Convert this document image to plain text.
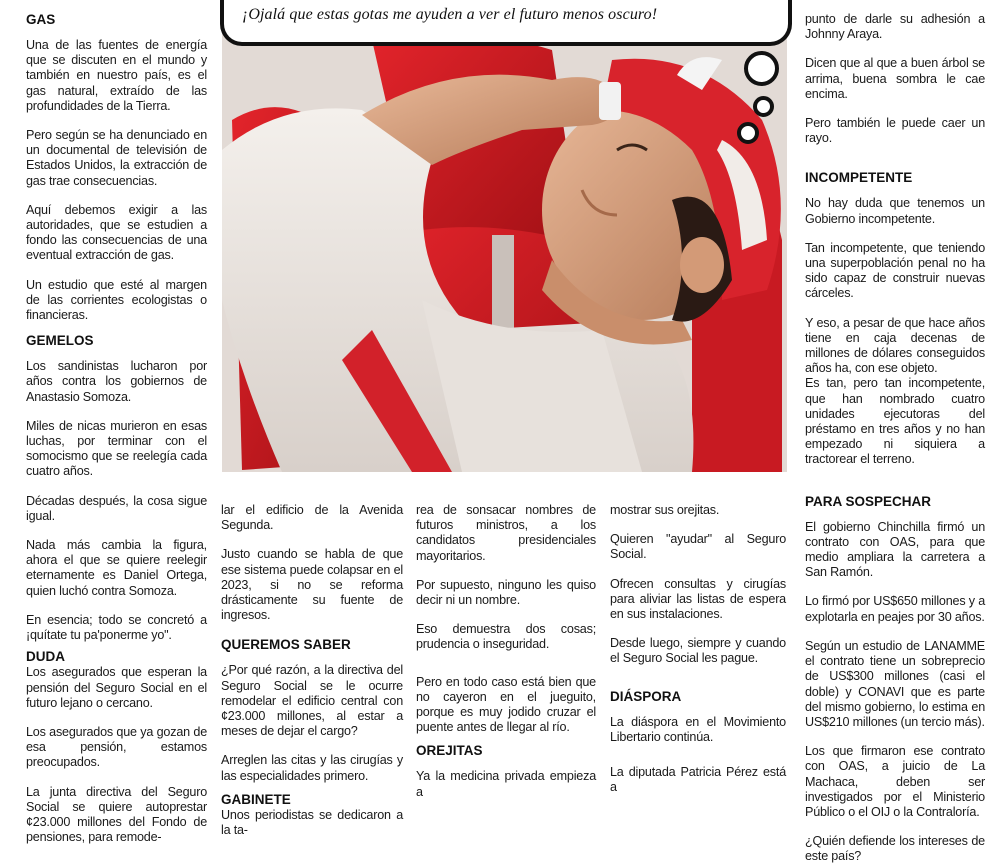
¡Ojalá que estas gotas me ayuden a ver el futuro menos oscuro!
GAS

Una de las fuentes de energía que se discuten en el mundo y también en nuestro país, es el gas natural, extraído de las profundidades de la Tierra.

Pero según se ha denunciado en un documental de televisión de Estados Unidos, la extracción de gas trae consecuencias.

Aquí debemos exigir a las autoridades, que se estudien a fondo las consecuencias de una eventual extracción de gas.

Un estudio que esté al margen de las corrientes ecologistas o financieras.

GEMELOS

Los sandinistas lucharon por años contra los gobiernos de Anastasio Somoza.

Miles de nicas murieron en esas luchas, por terminar con el somocismo que se reelegía cada cuatro años.

Décadas después, la cosa sigue igual.

Nada más cambia la figura, ahora el que se quiere reelegir eternamente es Daniel Ortega, quien luchó contra Somoza.

En esencia; todo se concretó a ¡quítate tu pa'ponerme yo".

DUDA

Los asegurados que esperan la pensión del Seguro Social en el futuro lejano o cercano.

Los asegurados que ya gozan de esa pensión, estamos preocupados.

La junta directiva del Seguro Social se quiere autoprestar ¢23.000 millones del Fondo de pensiones, para remode-

lar el edificio de la Avenida Segunda.

Justo cuando se habla de que ese sistema puede colapsar en el 2023, si no se reforma drásticamente su fuente de ingresos.

QUEREMOS SABER

¿Por qué razón, a la directiva del Seguro Social se le ocurre remodelar el edificio central con ¢23.000 millones, al estar a meses de dejar el cargo?

Arreglen las citas y las cirugías y las especialidades primero.

GABINETE

Unos periodistas se dedicaron a la ta-

rea de sonsacar nombres de futuros ministros, a los candidatos presidenciales mayoritarios.

Por supuesto, ninguno les quiso decir ni un nombre.

Eso demuestra dos cosas; prudencia o inseguridad.

Pero en todo caso está bien que no cayeron en el jueguito, porque es muy jodido cruzar el puente antes de llegar al río.

OREJITAS

Ya la medicina privada empieza a

mostrar sus orejitas.

Quieren "ayudar" al Seguro Social.

Ofrecen consultas y cirugías para aliviar las listas de espera en sus instalaciones.

Desde luego, siempre y cuando el Seguro Social les pague.

DIÁSPORA

La diáspora en el Movimiento Libertario continúa.

La diputada Patricia Pérez está a

punto de darle su adhesión a Johnny Araya.

Dicen que al que a buen árbol se arrima, buena sombra le cae encima.

Pero también le puede caer un rayo.

INCOMPETENTE

No hay duda que tenemos un Gobierno incompetente.

Tan incompetente, que teniendo una superpoblación penal no ha sido capaz de construir nuevas cárceles.

Y eso, a pesar de que hace años tiene en caja decenas de millones de dólares conseguidos años ha, con ese objeto.

Es tan, pero tan incompetente, que han nombrado cuatro unidades ejecutoras del préstamo en tres años y no han empezado ni siquiera a tractorear el terreno.

PARA SOSPECHAR

El gobierno Chinchilla firmó un contrato con OAS, para que medio ampliara la carretera a San Ramón.

Lo firmó por US$650 millones y a explotarla en peajes por 30 años.

Según un estudio de LANAMME el contrato tiene un sobreprecio de US$300 millones (casi el doble) y CONAVI que es parte del mismo gobierno, lo estima en US$210 millones (un tercio más).

Los que firmaron ese contrato con OAS, a juicio de La Machaca, deben ser investigados por el Ministerio Público o el OIJ o la Contraloría.

¿Quién defiende los intereses de este país?
